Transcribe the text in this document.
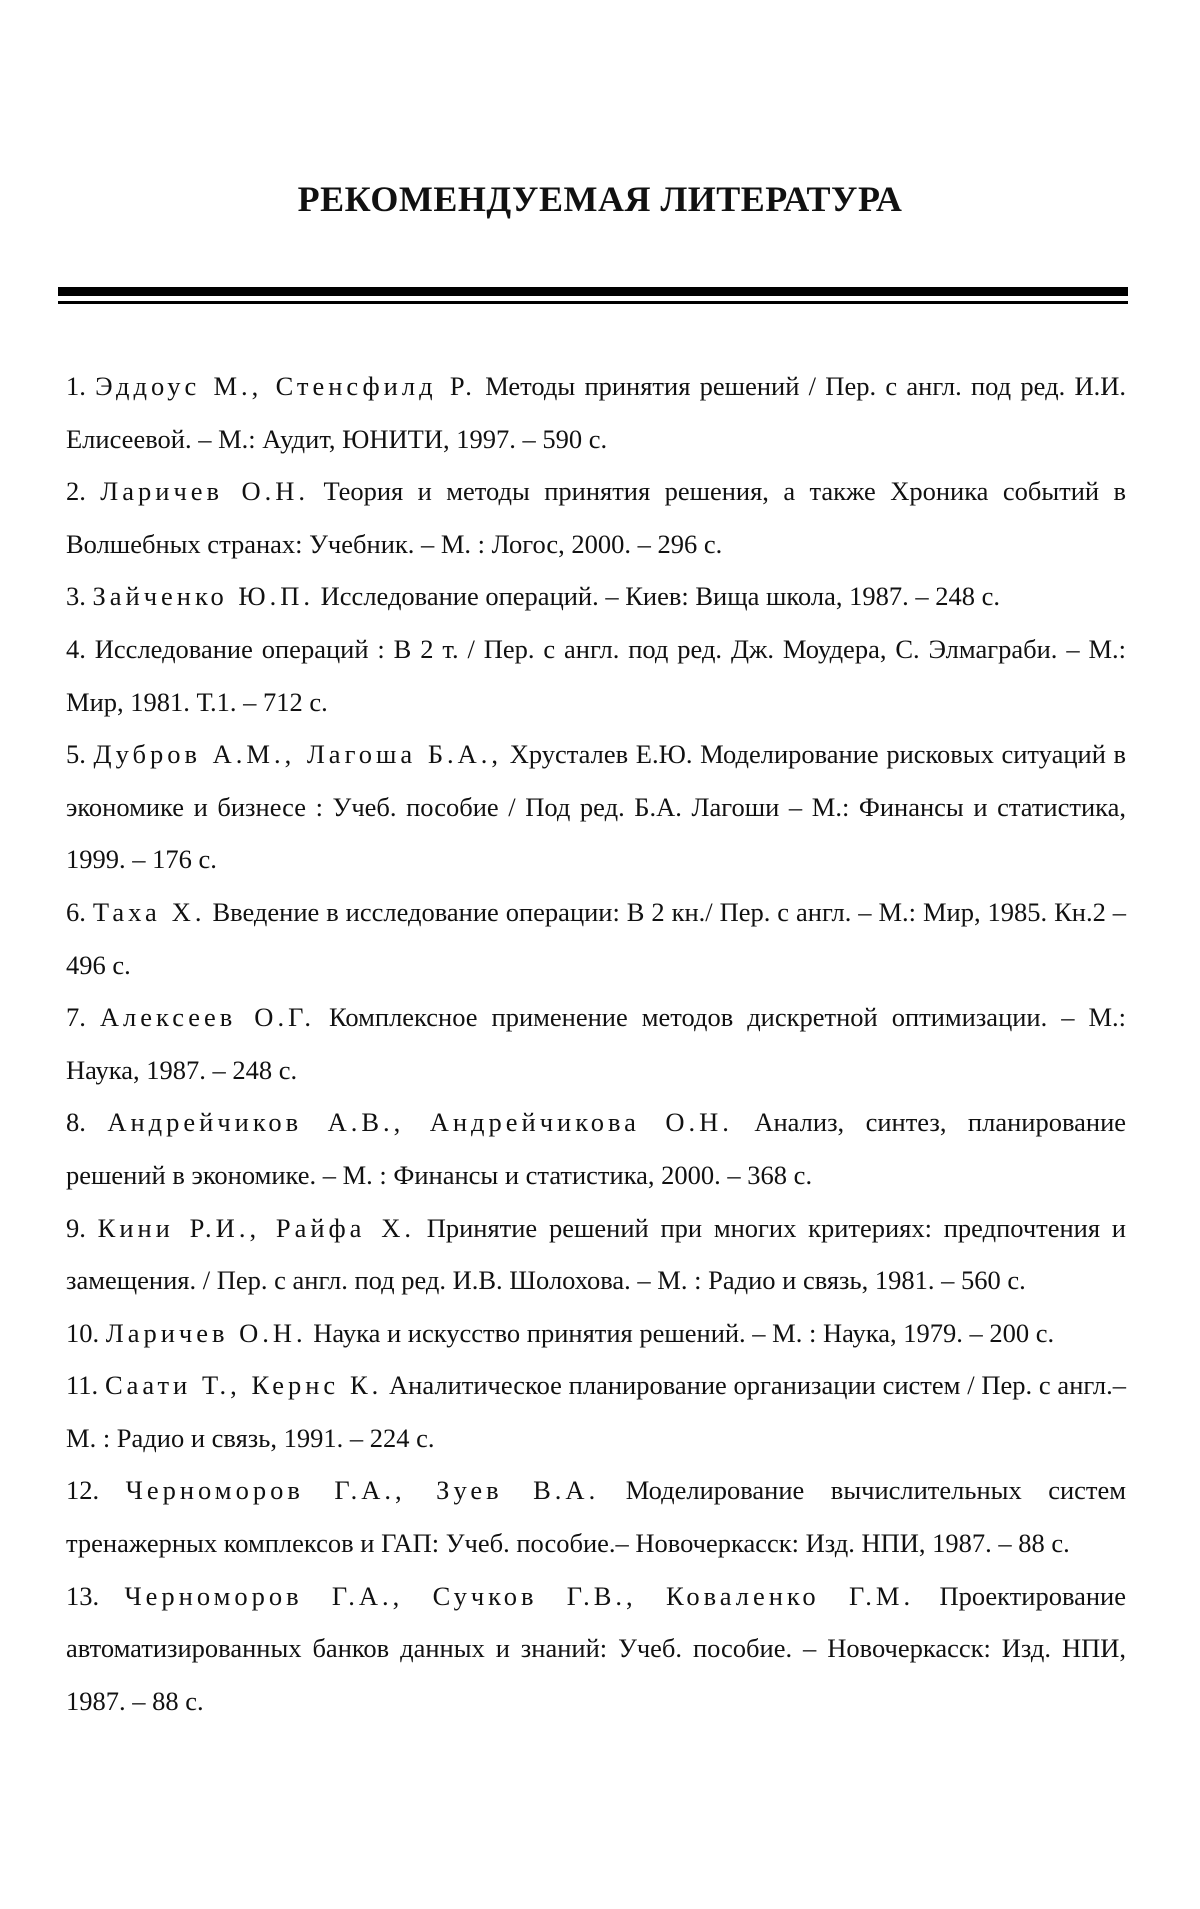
РЕКОМЕНДУЕМАЯ ЛИТЕРАТУРА
1. Эддоус М., Стенсфилд Р. Методы принятия решений / Пер. с англ. под ред. И.И. Елисеевой. – М.: Аудит, ЮНИТИ, 1997. – 590 с.
2. Ларичев О.Н. Теория и методы принятия решения, а также Хроника событий в Волшебных странах: Учебник. – М. : Логос, 2000. – 296 с.
3. Зайченко Ю.П. Исследование операций. – Киев: Вища школа, 1987. – 248 с.
4. Исследование операций : В 2 т. / Пер. с англ. под ред. Дж. Моудера, С. Элмаграби. – М.: Мир, 1981. Т.1. – 712 с.
5. Дубров А.М., Лагоша Б.А., Хрусталев Е.Ю. Моделирование рисковых ситуаций в экономике и бизнесе : Учеб. пособие / Под ред. Б.А. Лагоши – М.: Финансы и статистика, 1999. – 176 с.
6. Таха Х. Введение в исследование операции: В 2 кн./ Пер. с англ. – М.: Мир, 1985. Кн.2 –496 с.
7. Алексеев О.Г. Комплексное применение методов дискретной оптимизации. – М.: Наука, 1987. – 248 с.
8. Андрейчиков А.В., Андрейчикова О.Н. Анализ, синтез, планирование решений в экономике. – М. : Финансы и статистика, 2000. – 368 с.
9. Кини Р.И., Райфа Х. Принятие решений при многих критериях: предпочтения и замещения. / Пер. с англ. под ред. И.В. Шолохова. – М. : Радио и связь, 1981. – 560 с.
10. Ларичев О.Н. Наука и искусство принятия решений. – М. : Наука, 1979. – 200 с.
11. Саати Т., Кернс К. Аналитическое планирование организации систем / Пер. с англ.– М. : Радио и связь, 1991. – 224 с.
12. Черноморов Г.А., Зуев В.А. Моделирование вычислительных систем тренажерных комплексов и ГАП: Учеб. пособие.– Новочеркасск: Изд. НПИ, 1987. – 88 с.
13. Черноморов Г.А., Сучков Г.В., Коваленко Г.М. Проектирование автоматизированных банков данных и знаний: Учеб. пособие. – Новочеркасск: Изд. НПИ, 1987. – 88 с.
